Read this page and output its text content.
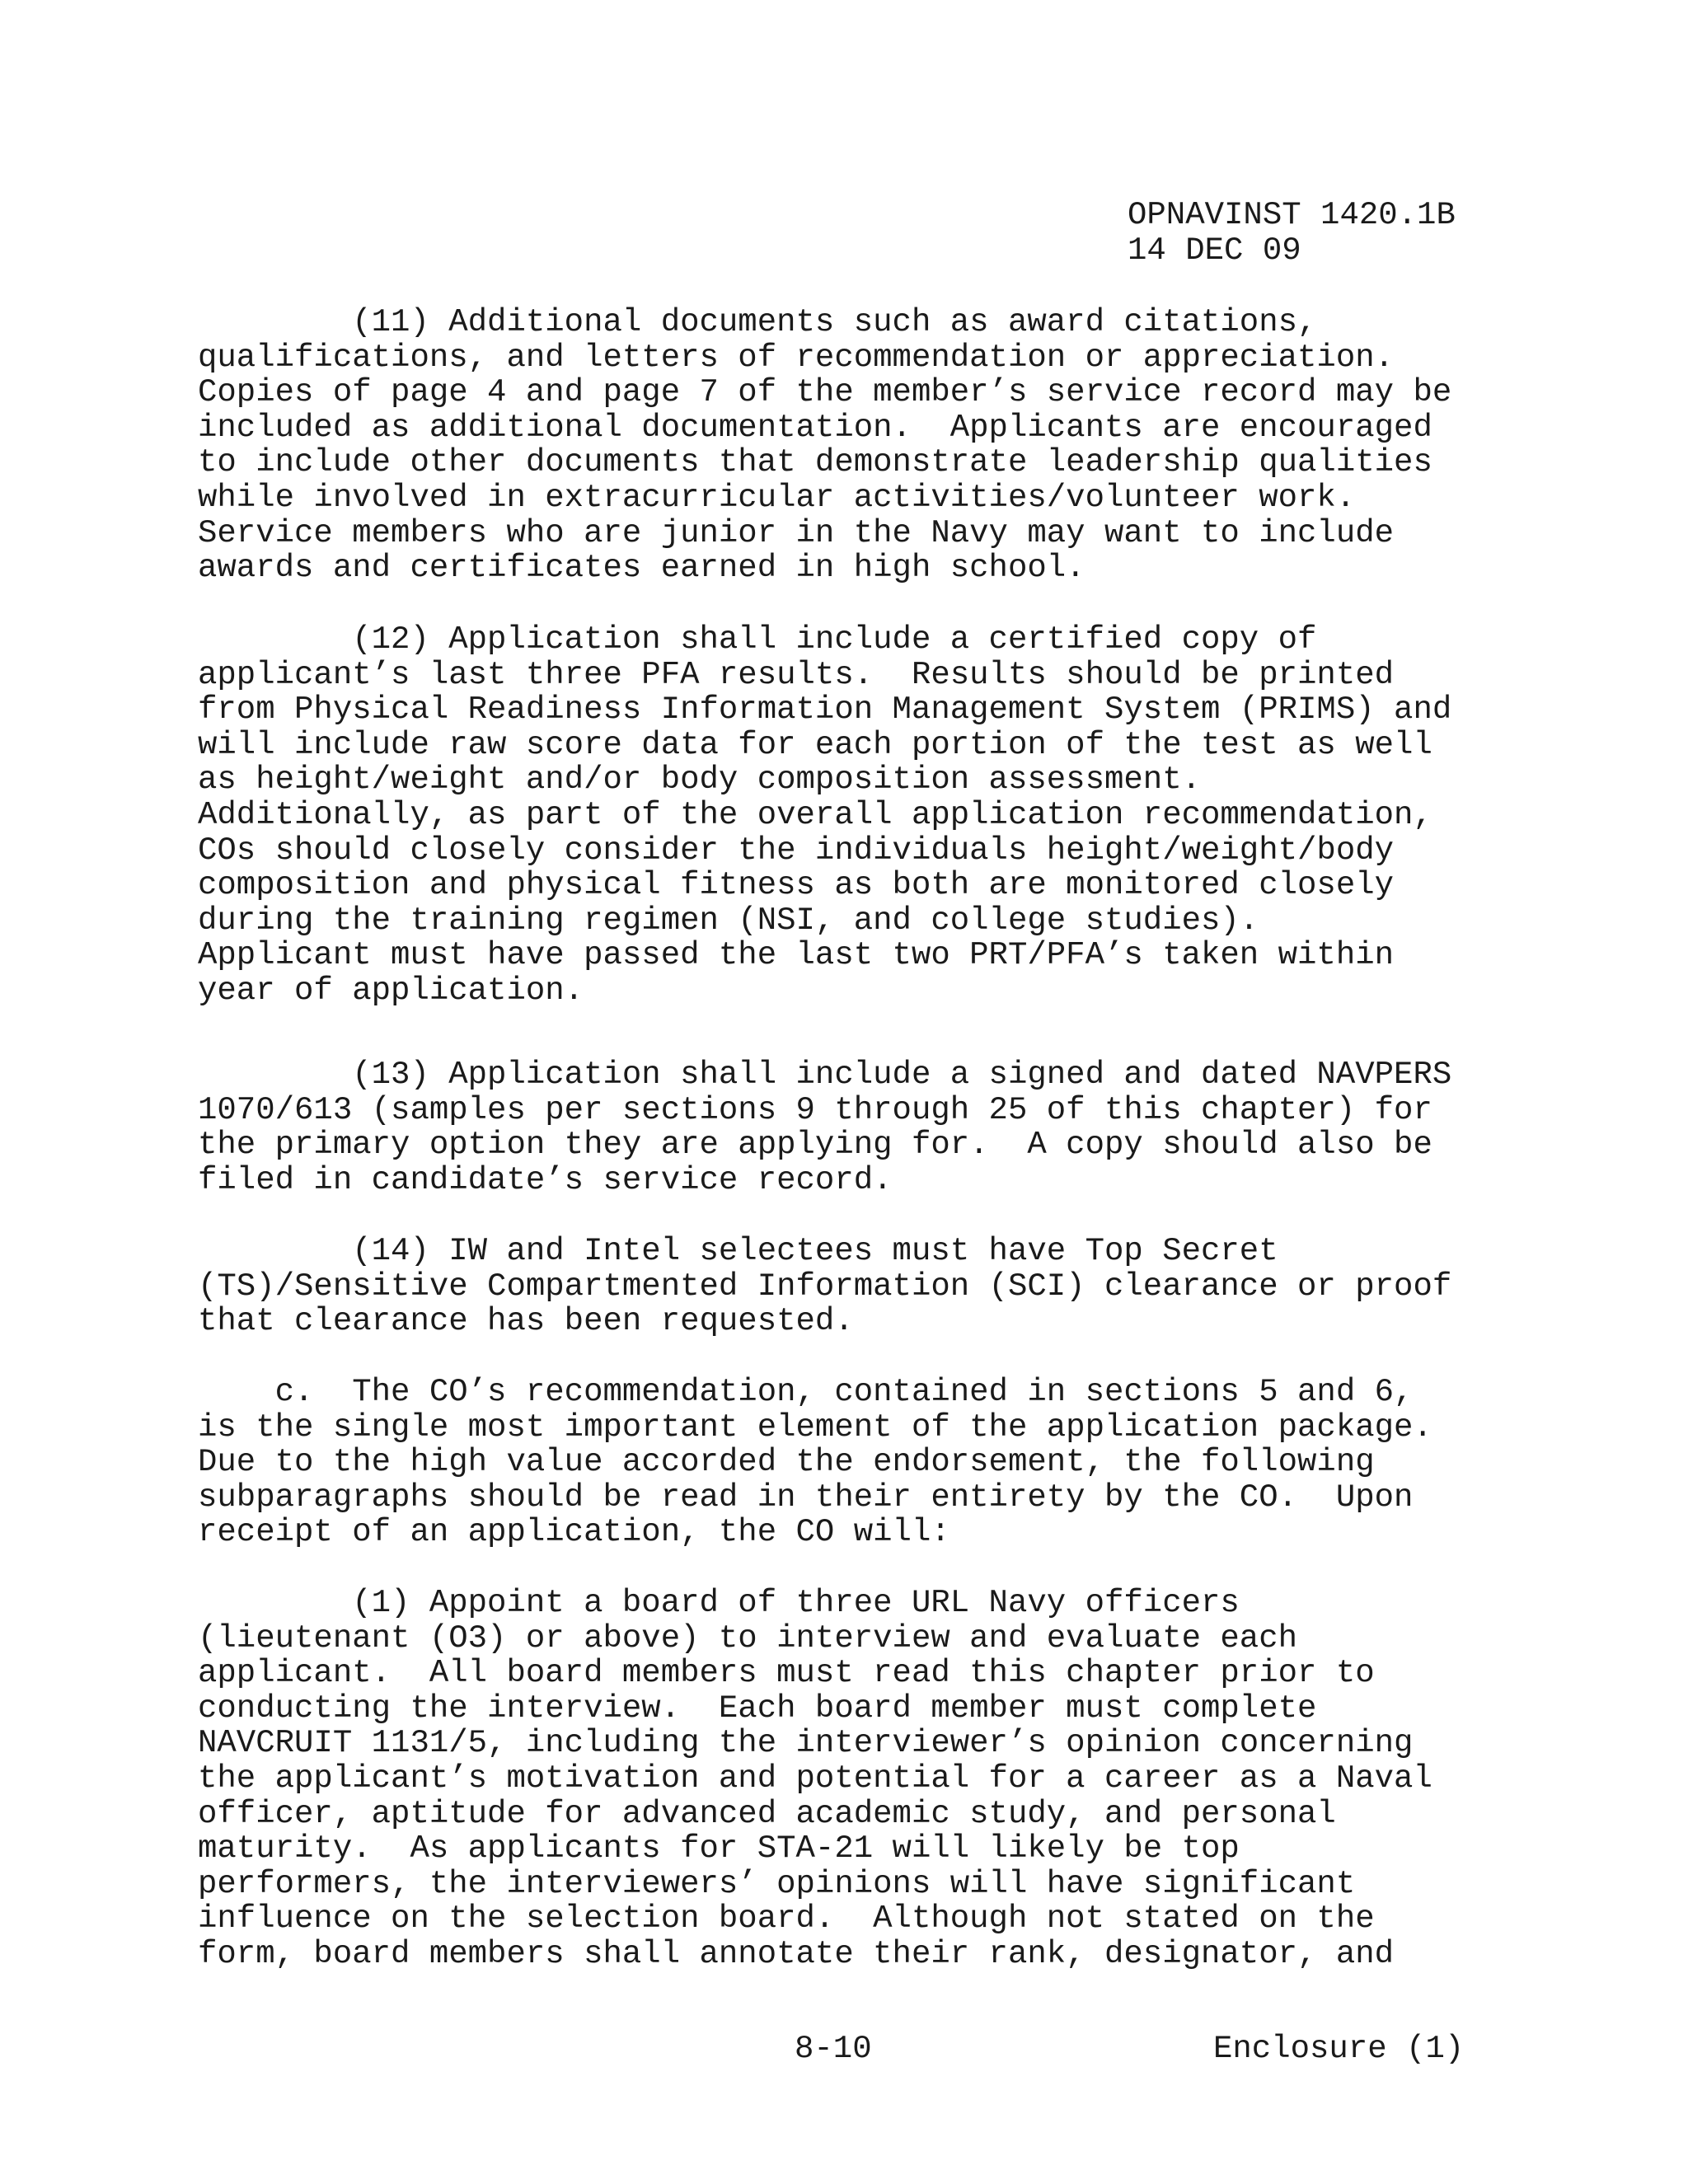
OPNAVINST 1420.1B
14 DEC 09
(11) Additional documents such as award citations,
qualifications, and letters of recommendation or appreciation.
Copies of page 4 and page 7 of the member’s service record may be
included as additional documentation.  Applicants are encouraged
to include other documents that demonstrate leadership qualities
while involved in extracurricular activities/volunteer work.
Service members who are junior in the Navy may want to include
awards and certificates earned in high school.
(12) Application shall include a certified copy of
applicant’s last three PFA results.  Results should be printed
from Physical Readiness Information Management System (PRIMS) and
will include raw score data for each portion of the test as well
as height/weight and/or body composition assessment.
Additionally, as part of the overall application recommendation,
COs should closely consider the individuals height/weight/body
composition and physical fitness as both are monitored closely
during the training regimen (NSI, and college studies).
Applicant must have passed the last two PRT/PFA’s taken within
year of application.
(13) Application shall include a signed and dated NAVPERS
1070/613 (samples per sections 9 through 25 of this chapter) for
the primary option they are applying for.  A copy should also be
filed in candidate’s service record.
(14) IW and Intel selectees must have Top Secret
(TS)/Sensitive Compartmented Information (SCI) clearance or proof
that clearance has been requested.
c.  The CO’s recommendation, contained in sections 5 and 6,
is the single most important element of the application package.
Due to the high value accorded the endorsement, the following
subparagraphs should be read in their entirety by the CO.  Upon
receipt of an application, the CO will:
(1) Appoint a board of three URL Navy officers
(lieutenant (O3) or above) to interview and evaluate each
applicant.  All board members must read this chapter prior to
conducting the interview.  Each board member must complete
NAVCRUIT 1131/5, including the interviewer’s opinion concerning
the applicant’s motivation and potential for a career as a Naval
officer, aptitude for advanced academic study, and personal
maturity.  As applicants for STA-21 will likely be top
performers, the interviewers’ opinions will have significant
influence on the selection board.  Although not stated on the
form, board members shall annotate their rank, designator, and
8-10	Enclosure (1)
